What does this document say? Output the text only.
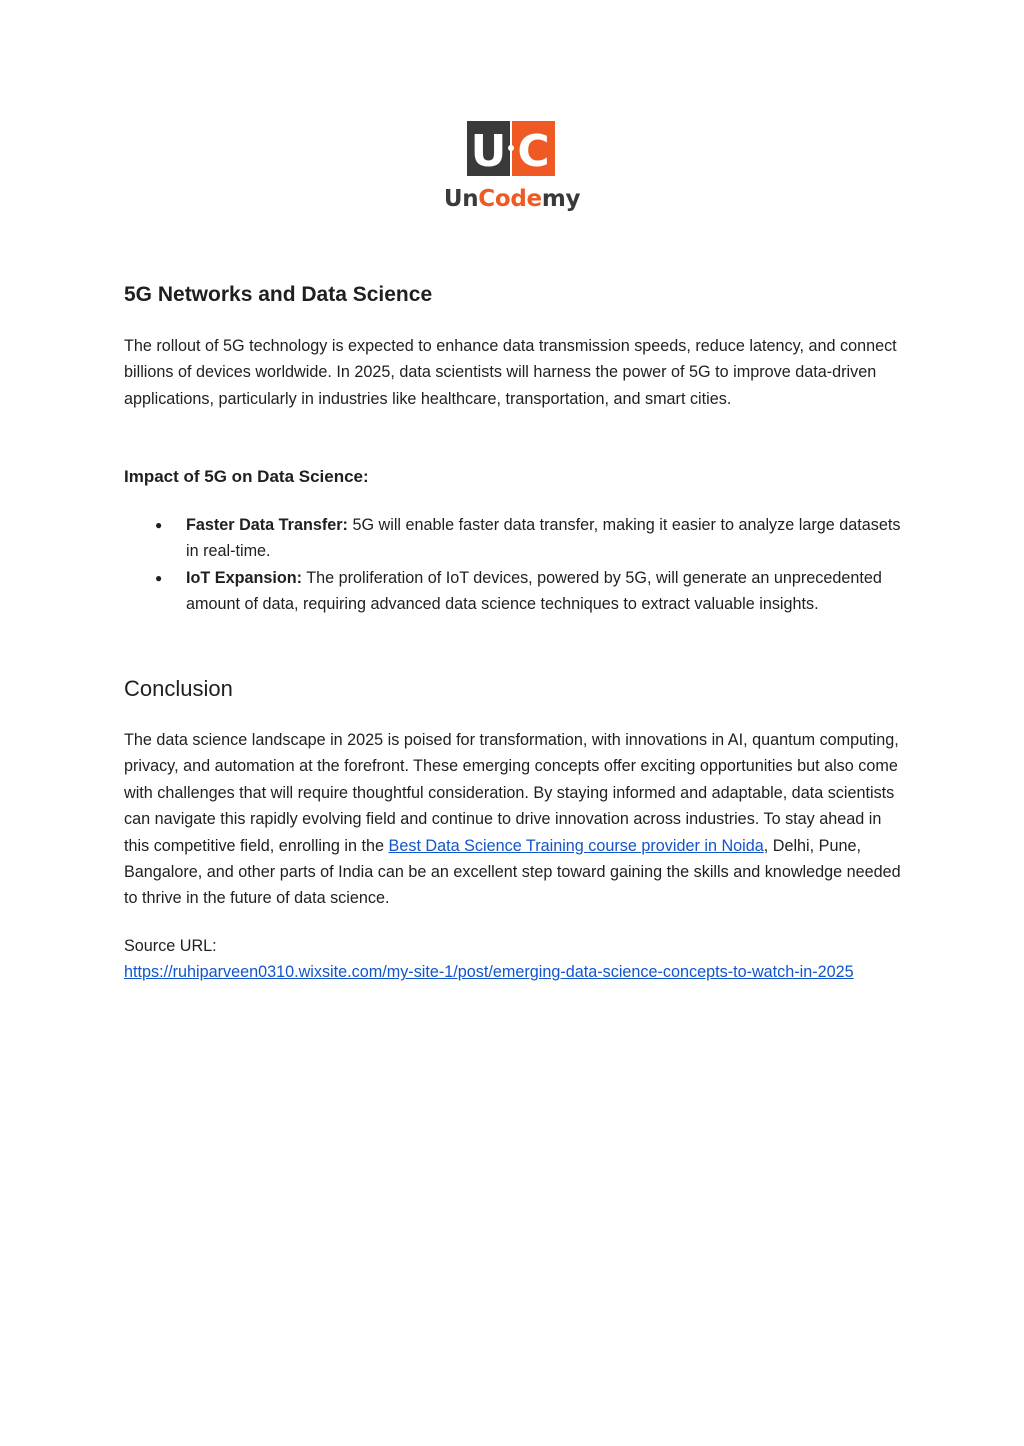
U C
UnCodemy
5G Networks and Data Science

The rollout of 5G technology is expected to enhance data transmission speeds, reduce latency, and connect billions of devices worldwide. In 2025, data scientists will harness the power of 5G to improve data-driven applications, particularly in industries like healthcare, transportation, and smart cities.

Impact of 5G on Data Science:
● Faster Data Transfer: 5G will enable faster data transfer, making it easier to analyze large datasets in real-time.
● IoT Expansion: The proliferation of IoT devices, powered by 5G, will generate an unprecedented amount of data, requiring advanced data science techniques to extract valuable insights.
Conclusion

The data science landscape in 2025 is poised for transformation, with innovations in AI, quantum computing, privacy, and automation at the forefront. These emerging concepts offer exciting opportunities but also come with challenges that will require thoughtful consideration. By staying informed and adaptable, data scientists can navigate this rapidly evolving field and continue to drive innovation across industries. To stay ahead in this competitive field, enrolling in the Best Data Science Training course provider in Noida, Delhi, Pune, Bangalore, and other parts of India can be an excellent step toward gaining the skills and knowledge needed to thrive in the future of data science.

Source URL:
https://ruhiparveen0310.wixsite.com/my-site-1/post/emerging-data-science-concepts-to-watch-in-2025
